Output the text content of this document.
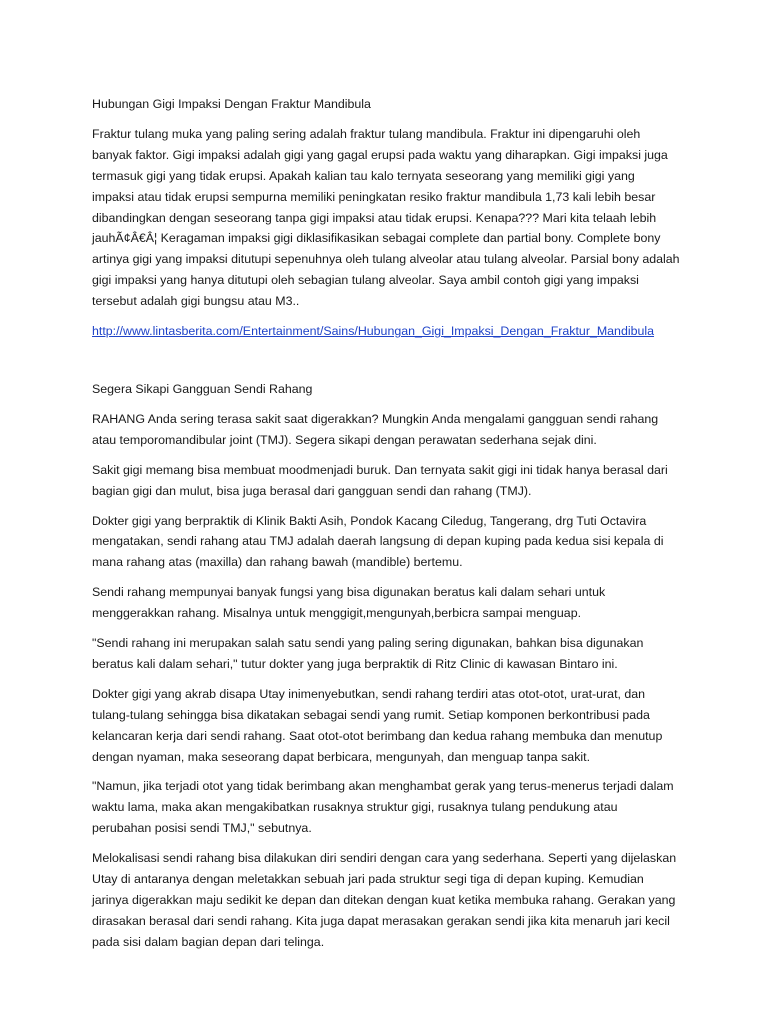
Hubungan Gigi Impaksi Dengan Fraktur Mandibula

Fraktur tulang muka yang paling sering adalah fraktur tulang mandibula. Fraktur ini dipengaruhi oleh banyak faktor. Gigi impaksi adalah gigi yang gagal erupsi pada waktu yang diharapkan. Gigi impaksi juga termasuk gigi yang tidak erupsi. Apakah kalian tau kalo ternyata seseorang yang memiliki gigi yang impaksi atau tidak erupsi sempurna memiliki peningkatan resiko fraktur mandibula 1,73 kali lebih besar dibandingkan dengan seseorang tanpa gigi impaksi atau tidak erupsi. Kenapa??? Mari kita telaah lebih jauhÃ¢Â€Â¦ Keragaman impaksi gigi diklasifikasikan sebagai complete dan partial bony. Complete bony artinya gigi yang impaksi ditutupi sepenuhnya oleh tulang alveolar atau tulang alveolar. Parsial bony adalah gigi impaksi yang hanya ditutupi oleh sebagian tulang alveolar. Saya ambil contoh gigi yang impaksi tersebut adalah gigi bungsu atau M3..

http://www.lintasberita.com/Entertainment/Sains/Hubungan_Gigi_Impaksi_Dengan_Fraktur_Mandibula

Segera Sikapi Gangguan Sendi Rahang

RAHANG Anda sering terasa sakit saat digerakkan? Mungkin Anda mengalami gangguan sendi rahang atau temporomandibular joint (TMJ). Segera sikapi dengan perawatan sederhana sejak dini.

Sakit gigi memang bisa membuat moodmenjadi buruk. Dan ternyata sakit gigi ini tidak hanya berasal dari bagian gigi dan mulut, bisa juga berasal dari gangguan sendi dan rahang (TMJ).

Dokter gigi yang berpraktik di Klinik Bakti Asih, Pondok Kacang Ciledug, Tangerang, drg Tuti Octavira mengatakan, sendi rahang atau TMJ adalah daerah langsung di depan kuping pada kedua sisi kepala di mana rahang atas (maxilla) dan rahang bawah (mandible) bertemu.

Sendi rahang mempunyai banyak fungsi yang bisa digunakan beratus kali dalam sehari untuk menggerakkan rahang. Misalnya untuk menggigit,mengunyah,berbicra sampai menguap.

"Sendi rahang ini merupakan salah satu sendi yang paling sering digunakan, bahkan bisa digunakan beratus kali dalam sehari," tutur dokter yang juga berpraktik di Ritz Clinic di kawasan Bintaro ini.

Dokter gigi yang akrab disapa Utay inimenyebutkan, sendi rahang terdiri atas otot-otot, urat-urat, dan tulang-tulang sehingga bisa dikatakan sebagai sendi yang rumit. Setiap komponen berkontribusi pada kelancaran kerja dari sendi rahang. Saat otot-otot berimbang dan kedua rahang membuka dan menutup dengan nyaman, maka seseorang dapat berbicara, mengunyah, dan menguap tanpa sakit.

"Namun, jika terjadi otot yang tidak berimbang akan menghambat gerak yang terus-menerus terjadi dalam waktu lama, maka akan mengakibatkan rusaknya struktur gigi, rusaknya tulang pendukung atau perubahan posisi sendi TMJ," sebutnya.

Melokalisasi sendi rahang bisa dilakukan diri sendiri dengan cara yang sederhana. Seperti yang dijelaskan Utay di antaranya dengan meletakkan sebuah jari pada struktur segi tiga di depan kuping. Kemudian jarinya digerakkan maju sedikit ke depan dan ditekan dengan kuat ketika membuka rahang. Gerakan yang dirasakan berasal dari sendi rahang. Kita juga dapat merasakan gerakan sendi jika kita menaruh jari kecil pada sisi dalam bagian depan dari telinga.
